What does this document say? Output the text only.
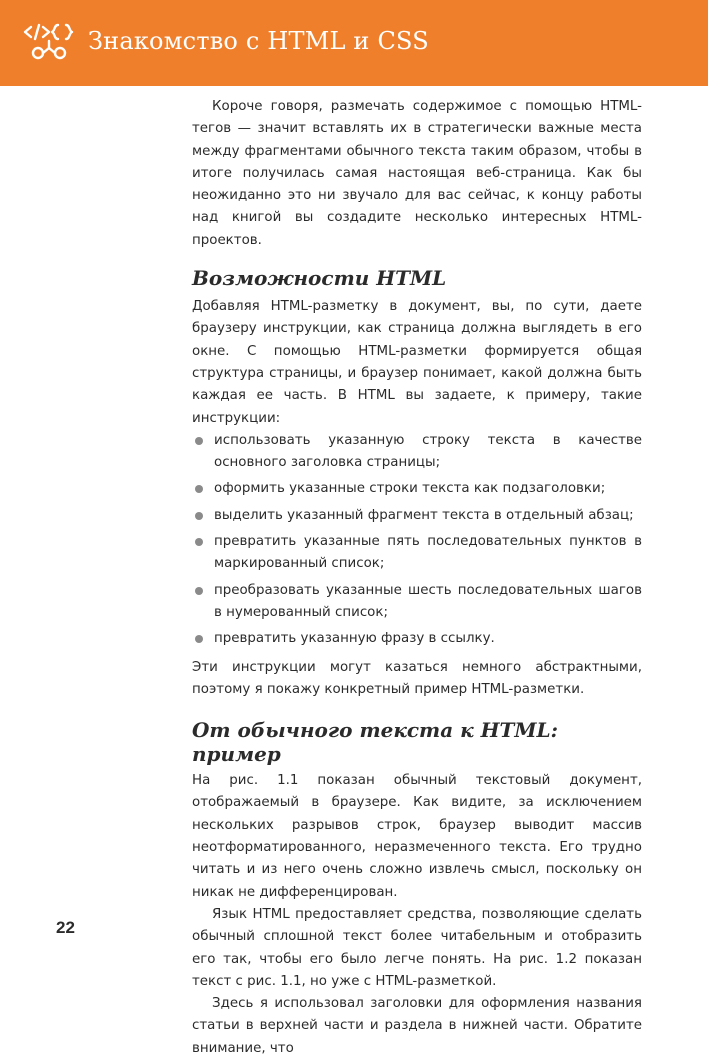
Знакомство с HTML и CSS

Короче говоря, размечать содержимое с помощью HTML-тегов — значит вставлять их в стратегически важные места между фрагментами обычного текста таким образом, чтобы в итоге получилась самая настоящая веб-страница. Как бы неожиданно это ни звучало для вас сейчас, к концу работы над книгой вы создадите несколько интересных HTML-проектов.

Возможности HTML

Добавляя HTML-разметку в документ, вы, по сути, даете браузеру инструкции, как страница должна выглядеть в его окне. С помощью HTML-разметки формируется общая структура страницы, и браузер понимает, какой должна быть каждая ее часть. В HTML вы задаете, к примеру, такие инструкции:

использовать указанную строку текста в качестве основного заголовка страницы;
оформить указанные строки текста как подзаголовки;
выделить указанный фрагмент текста в отдельный абзац;
превратить указанные пять последовательных пунктов в маркированный список;
преобразовать указанные шесть последовательных шагов в нумерованный список;
превратить указанную фразу в ссылку.

Эти инструкции могут казаться немного абстрактными, поэтому я покажу конкретный пример HTML-разметки.

От обычного текста к HTML: пример

На рис. 1.1 показан обычный текстовый документ, отображаемый в браузере. Как видите, за исключением нескольких разрывов строк, браузер выводит массив неотформатированного, неразмеченного текста. Его трудно читать и из него очень сложно извлечь смысл, поскольку он никак не дифференцирован.

Язык HTML предоставляет средства, позволяющие сделать обычный сплошной текст более читабельным и отобразить его так, чтобы его было легче понять. На рис. 1.2 показан текст с рис. 1.1, но уже с HTML-разметкой.

Здесь я использовал заголовки для оформления названия статьи в верхней части и раздела в нижней части. Обратите внимание, что

22
